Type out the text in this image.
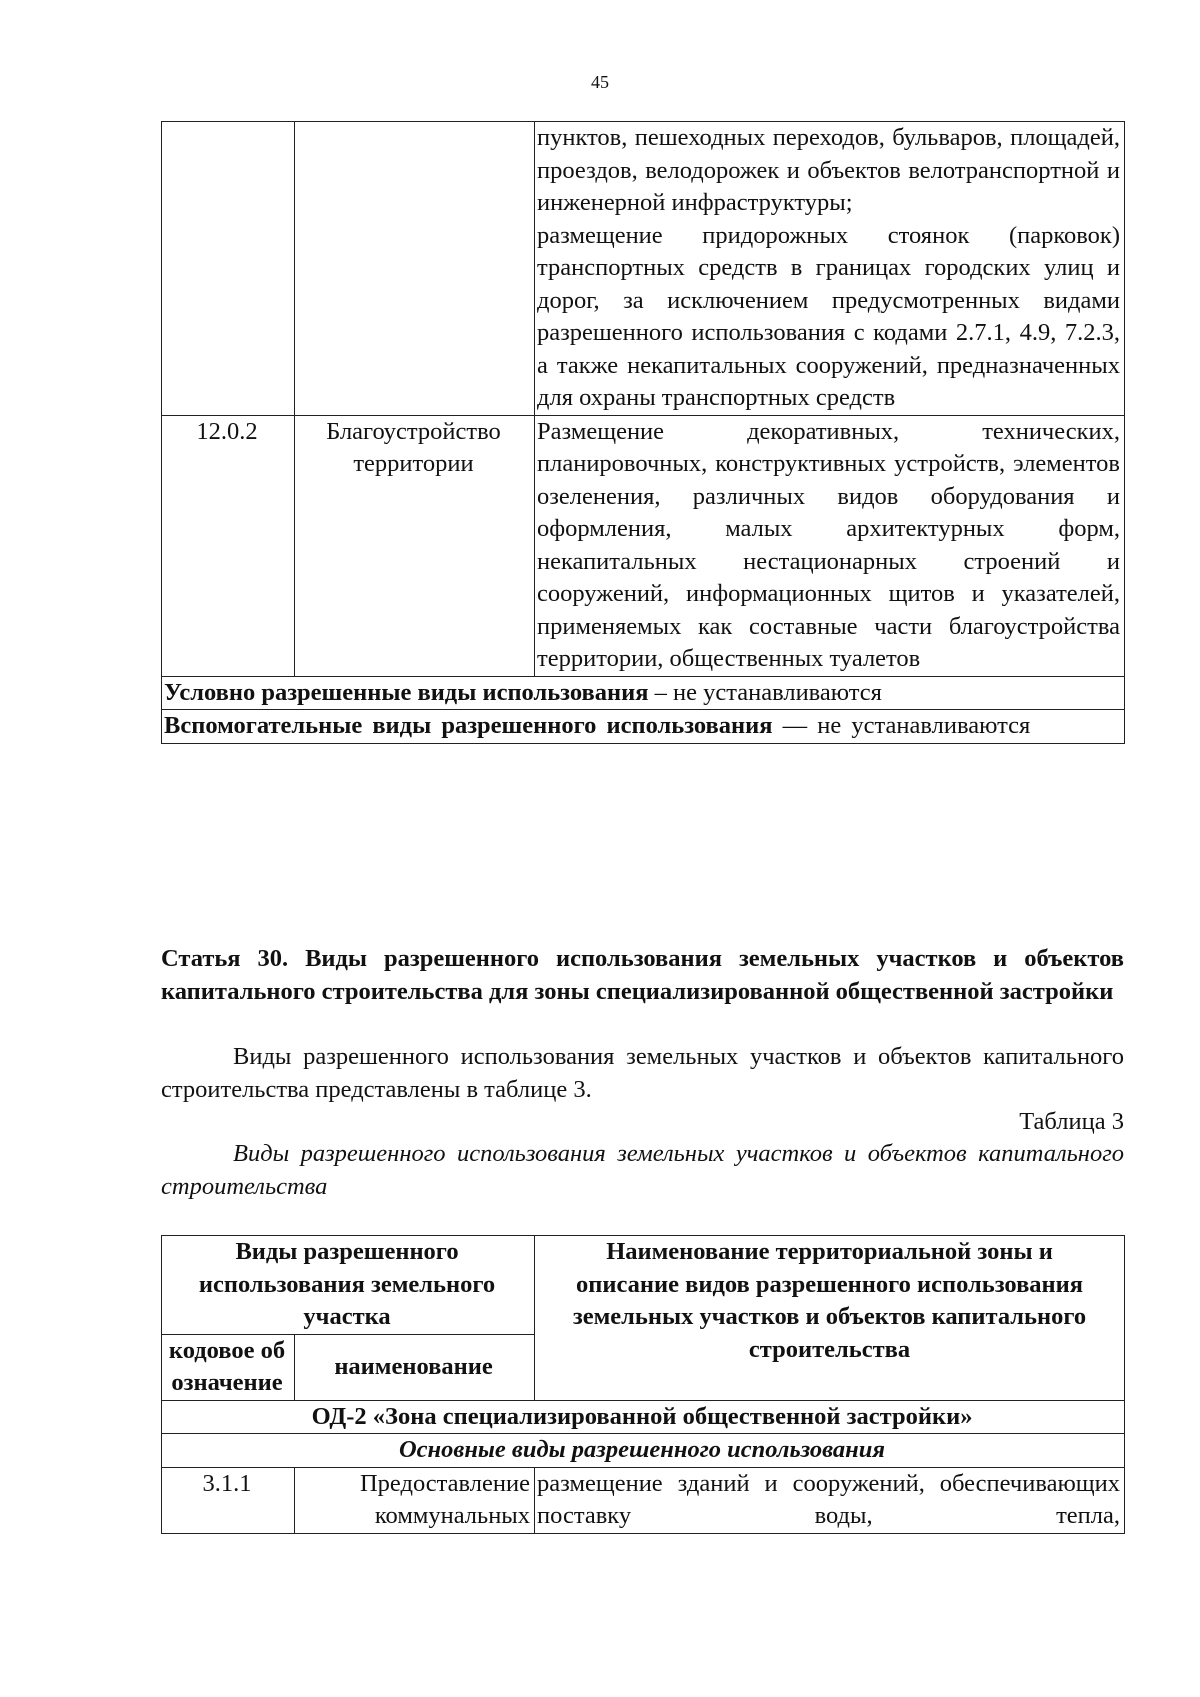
45

		пунктов, пешеходных переходов, бульваров, площадей, проездов, велодорожек и объектов велотранспортной и инженерной инфраструктуры;
размещение придорожных стоянок (парковок) транспортных средств в границах городских улиц и дорог, за исключением предусмотренных видами разрешенного использования с кодами 2.7.1, 4.9, 7.2.3, а также некапитальных сооружений, предназначенных для охраны транспортных средств

12.0.2	Благоустройство территории	Размещение декоративных, технических, планировочных, конструктивных устройств, элементов озеленения, различных видов оборудования и оформления, малых архитектурных форм, некапитальных нестационарных строений и сооружений, информационных щитов и указателей, применяемых как составные части благоустройства территории, общественных туалетов
Условно разрешенные виды использования – не устанавливаются		
Вспомогательные виды разрешенного использования — не устанавливаются		
Статья 30. Виды разрешенного использования земельных участков и объектов капитального строительства для зоны специализированной общественной застройки
Виды разрешенного использования земельных участков и объектов капитального строительства представлены в таблице 3.
Таблица 3
Виды разрешенного использования земельных участков и объектов капитального строительства
Виды разрешенного использования земельного участка		Наименование территориальной зоны и описание видов разрешенного использования земельных участков и объектов капитального строительства
кодовое обозначение	наименование	
ОД-2 «Зона специализированной общественной застройки»		
Основные виды разрешенного использования		
3.1.1	Предоставление коммунальных	размещение зданий и сооружений, обеспечивающих поставку воды, тепла,
